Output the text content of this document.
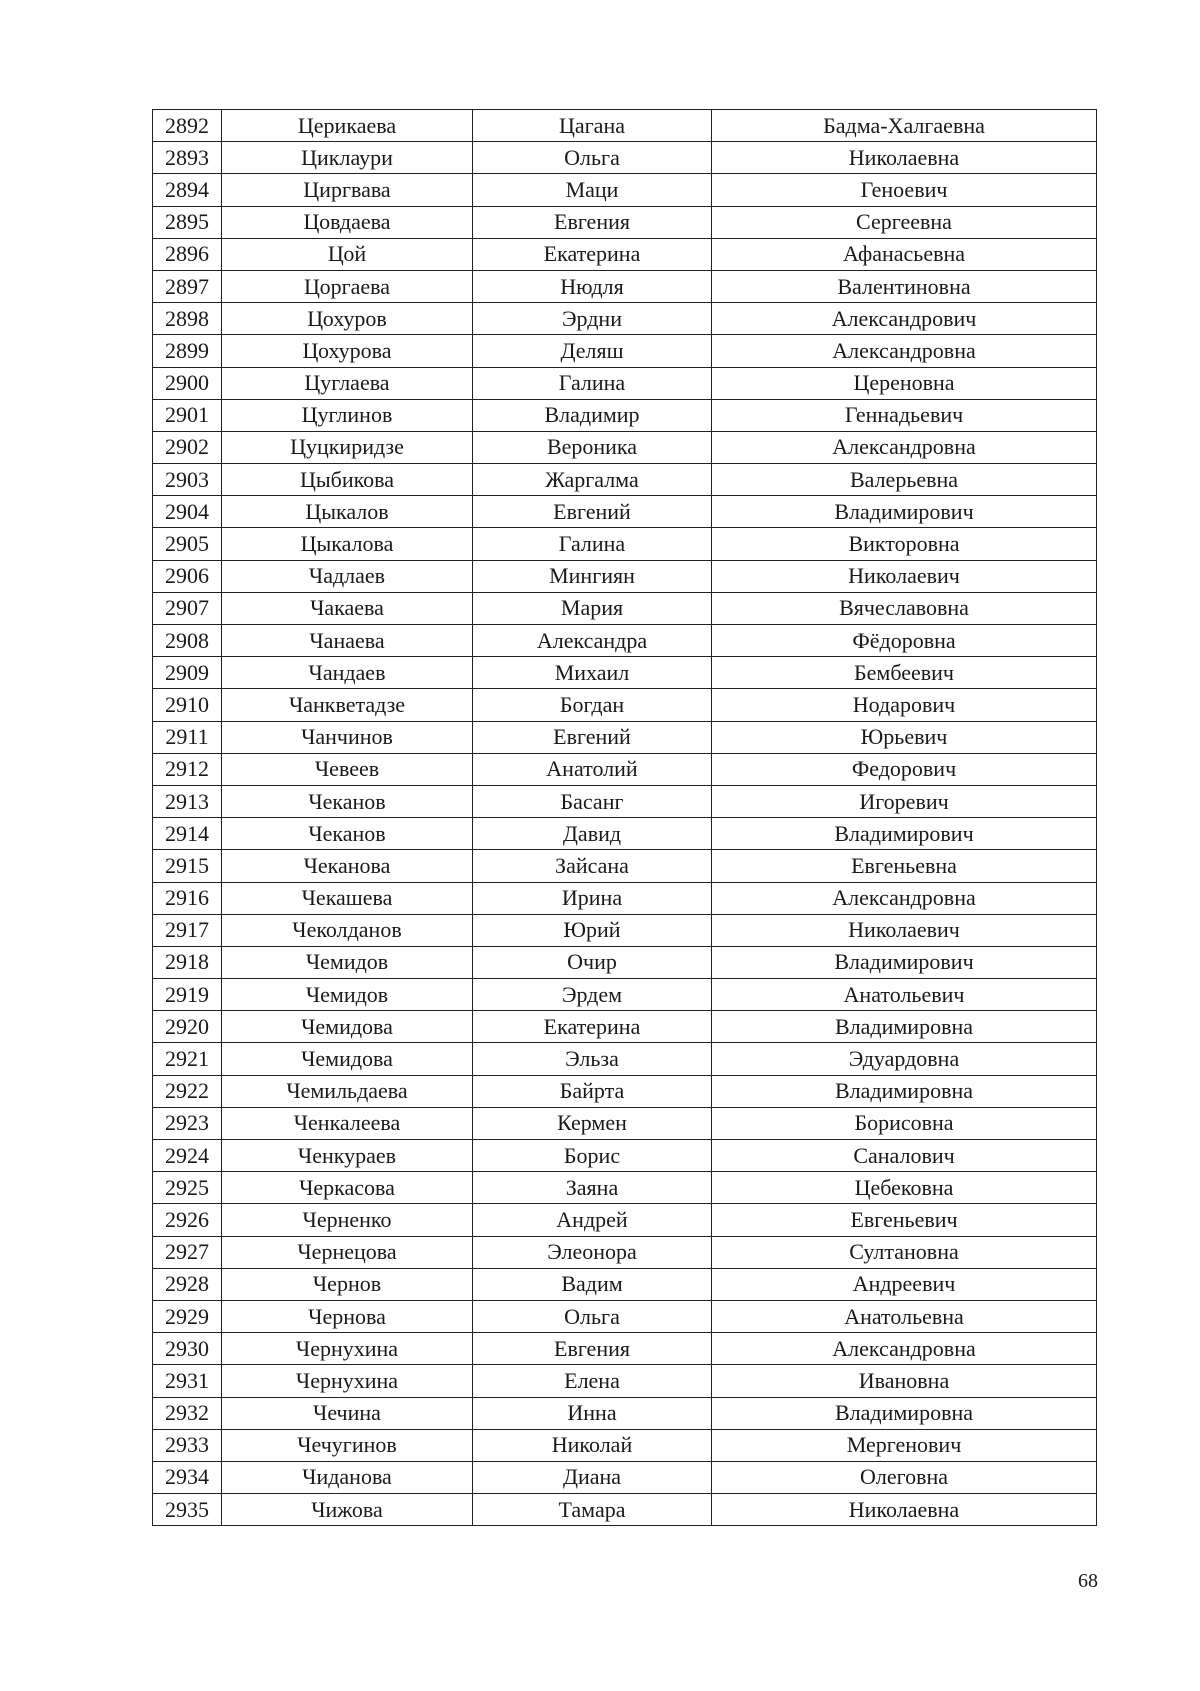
2892	Церикаева	Цагана	Бадма-Халгаевна
2893	Циклаури	Ольга	Николаевна
2894	Циргвава	Маци	Геноевич
2895	Цовдаева	Евгения	Сергеевна
2896	Цой	Екатерина	Афанасьевна
2897	Цоргаева	Нюдля	Валентиновна
2898	Цохуров	Эрдни	Александрович
2899	Цохурова	Деляш	Александровна
2900	Цуглаева	Галина	Цереновна
2901	Цуглинов	Владимир	Геннадьевич
2902	Цуцкиридзе	Вероника	Александровна
2903	Цыбикова	Жаргалма	Валерьевна
2904	Цыкалов	Евгений	Владимирович
2905	Цыкалова	Галина	Викторовна
2906	Чадлаев	Мингиян	Николаевич
2907	Чакаева	Мария	Вячеславовна
2908	Чанаева	Александра	Фёдоровна
2909	Чандаев	Михаил	Бембеевич
2910	Чанкветадзе	Богдан	Нодарович
2911	Чанчинов	Евгений	Юрьевич
2912	Чевеев	Анатолий	Федорович
2913	Чеканов	Басанг	Игоревич
2914	Чеканов	Давид	Владимирович
2915	Чеканова	Зайсана	Евгеньевна
2916	Чекашева	Ирина	Александровна
2917	Чеколданов	Юрий	Николаевич
2918	Чемидов	Очир	Владимирович
2919	Чемидов	Эрдем	Анатольевич
2920	Чемидова	Екатерина	Владимировна
2921	Чемидова	Эльза	Эдуардовна
2922	Чемильдаева	Байрта	Владимировна
2923	Ченкалеева	Кермен	Борисовна
2924	Ченкураев	Борис	Саналович
2925	Черкасова	Заяна	Цебековна
2926	Черненко	Андрей	Евгеньевич
2927	Чернецова	Элеонора	Султановна
2928	Чернов	Вадим	Андреевич
2929	Чернова	Ольга	Анатольевна
2930	Чернухина	Евгения	Александровна
2931	Чернухина	Елена	Ивановна
2932	Чечина	Инна	Владимировна
2933	Чечугинов	Николай	Мергенович
2934	Чиданова	Диана	Олеговна
2935	Чижова	Тамара	Николаевна
68
